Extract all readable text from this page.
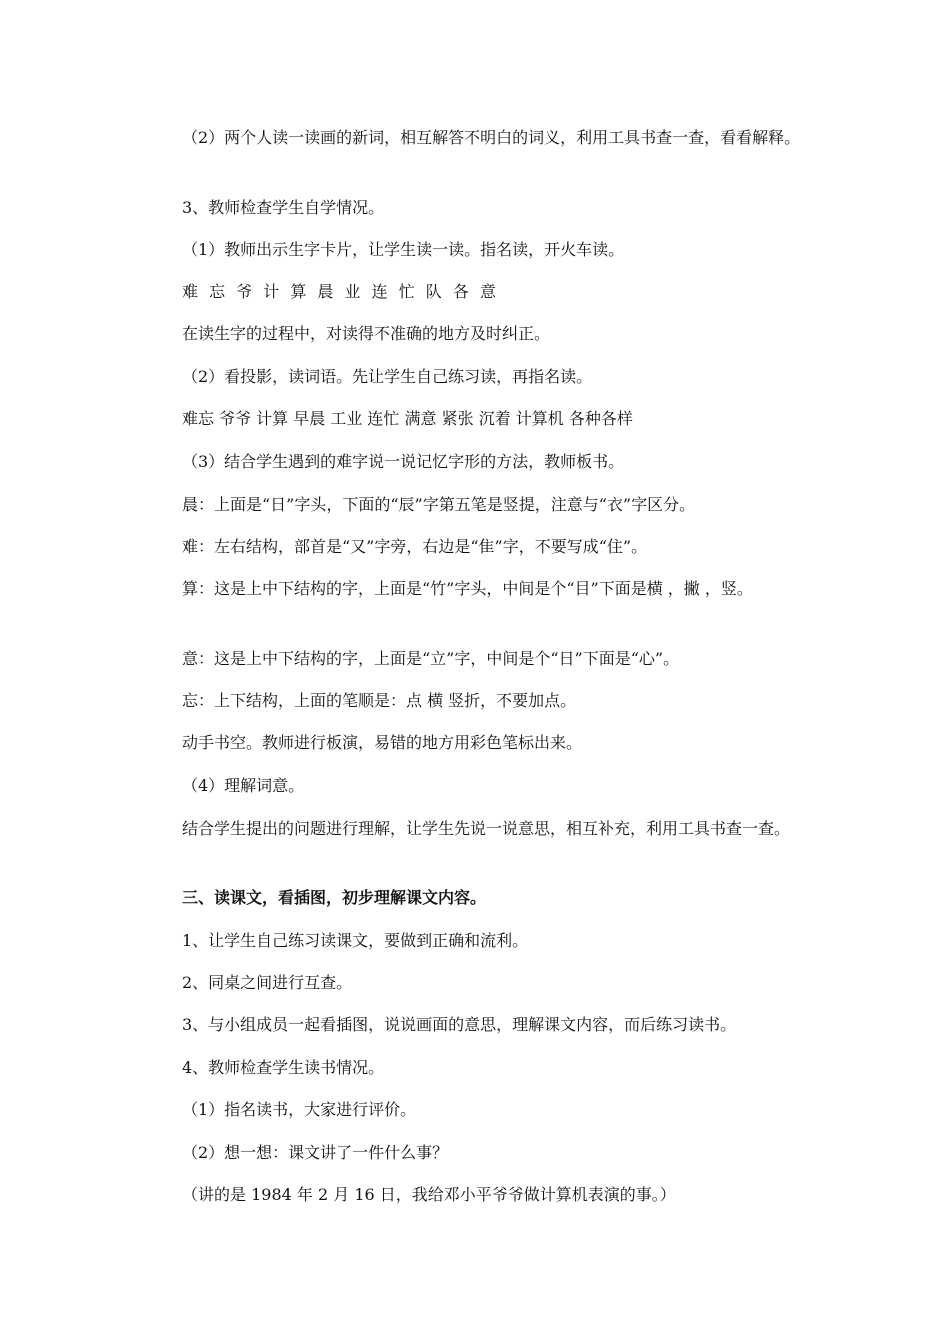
（2）两个人读一读画的新词，相互解答不明白的词义，利用工具书查一查，看看解释。

3、教师检查学生自学情况。

（1）教师出示生字卡片，让学生读一读。指名读，开火车读。

难 忘 爷 计 算 晨 业 连 忙 队 各 意

在读生字的过程中，对读得不准确的地方及时纠正。

（2）看投影，读词语。先让学生自己练习读，再指名读。

难忘 爷爷 计算 早晨 工业 连忙 满意 紧张 沉着 计算机 各种各样

（3）结合学生遇到的难字说一说记忆字形的方法，教师板书。

晨：上面是“日”字头，下面的“辰”字第五笔是竖提，注意与“衣”字区分。

难：左右结构，部首是“又”字旁，右边是“隹”字，不要写成“住”。

算：这是上中下结构的字，上面是“竹”字头，中间是个“目”下面是横 ，撇 ，竖。

意：这是上中下结构的字，上面是“立”字，中间是个“日”下面是“心”。

忘：上下结构，上面的笔顺是：点 横 竖折，不要加点。

动手书空。教师进行板演，易错的地方用彩色笔标出来。

（4）理解词意。

结合学生提出的问题进行理解，让学生先说一说意思，相互补充，利用工具书查一查。

三、读课文，看插图，初步理解课文内容。

1、让学生自己练习读课文，要做到正确和流利。

2、同桌之间进行互查。

3、与小组成员一起看插图，说说画面的意思，理解课文内容，而后练习读书。

4、教师检查学生读书情况。

（1）指名读书，大家进行评价。

（2）想一想：课文讲了一件什么事？

（讲的是 1984 年 2 月 16 日，我给邓小平爷爷做计算机表演的事。）
